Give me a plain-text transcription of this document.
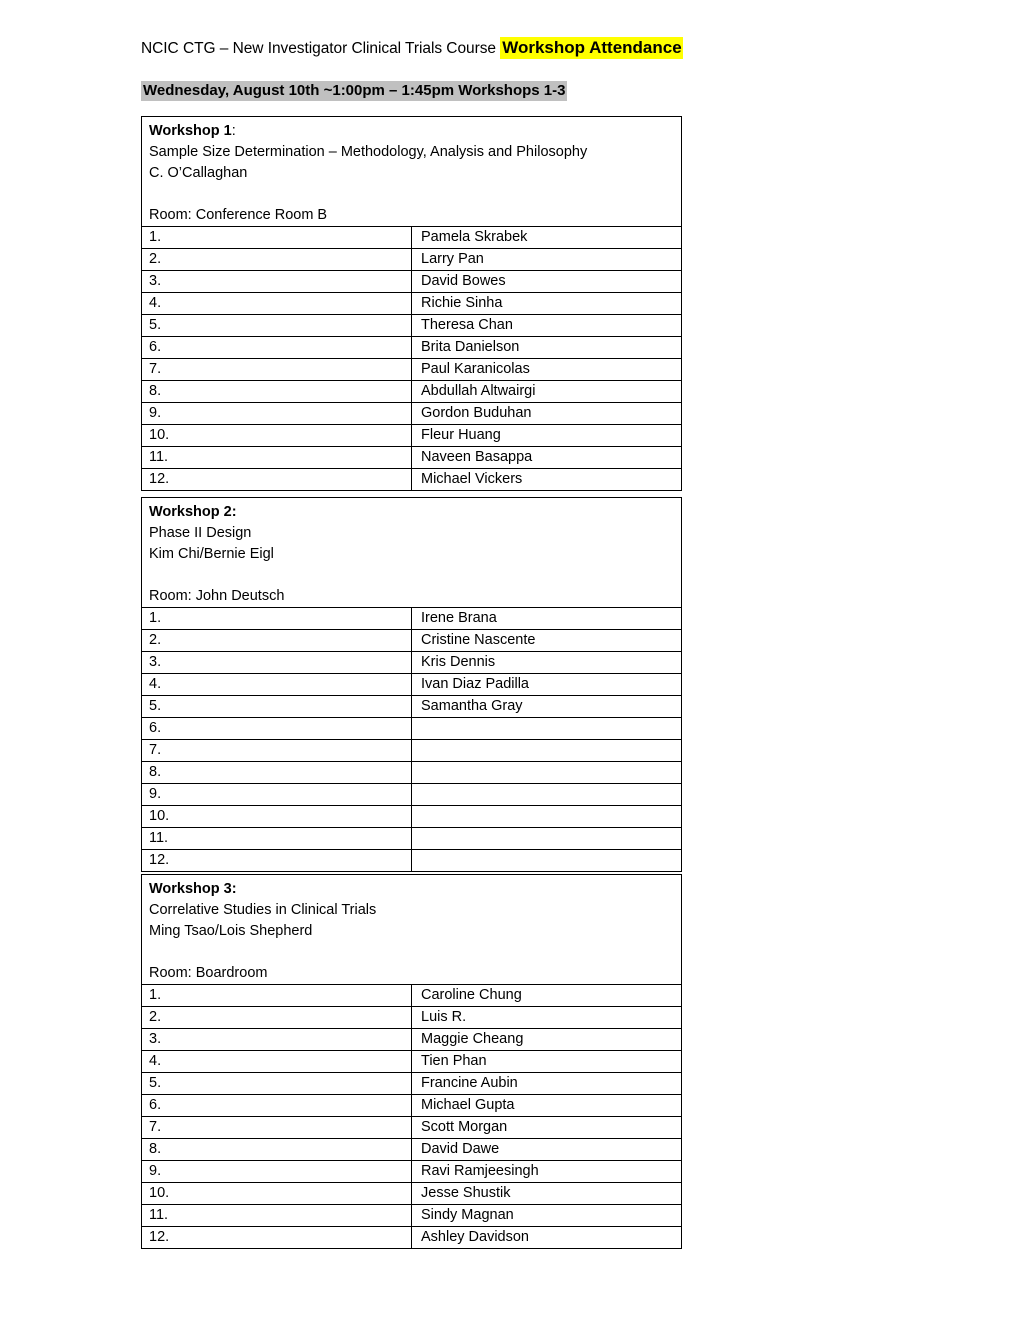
NCIC CTG – New Investigator Clinical Trials Course Workshop Attendance
Wednesday, August 10th ~1:00pm – 1:45pm Workshops 1-3
Workshop 1:
Sample Size Determination – Methodology, Analysis and Philosophy
C. O’Callaghan
Room: Conference Room B	

1.	Pamela Skrabek
2.	Larry Pan
3.	David Bowes
4.	Richie Sinha
5.	Theresa Chan
6.	Brita Danielson
7.	Paul Karanicolas
8.	Abdullah Altwairgi
9.	Gordon Buduhan
10.	Fleur Huang
11.	Naveen Basappa
12.	Michael Vickers
Workshop 2:
Phase II Design
Kim Chi/Bernie Eigl
Room: John Deutsch	

1.	Irene Brana
2.	Cristine Nascente
3.	Kris Dennis
4.	Ivan Diaz Padilla
5.	Samantha Gray
6.	
7.	
8.	
9.	
10.	
11.	
12.	
Workshop 3:
Correlative Studies in Clinical Trials
Ming Tsao/Lois Shepherd
Room: Boardroom	

1.	Caroline Chung
2.	Luis R.
3.	Maggie Cheang
4.	Tien Phan
5.	Francine Aubin
6.	Michael Gupta
7.	Scott Morgan
8.	David Dawe
9.	Ravi Ramjeesingh
10.	Jesse Shustik
11.	Sindy Magnan
12.	Ashley Davidson
